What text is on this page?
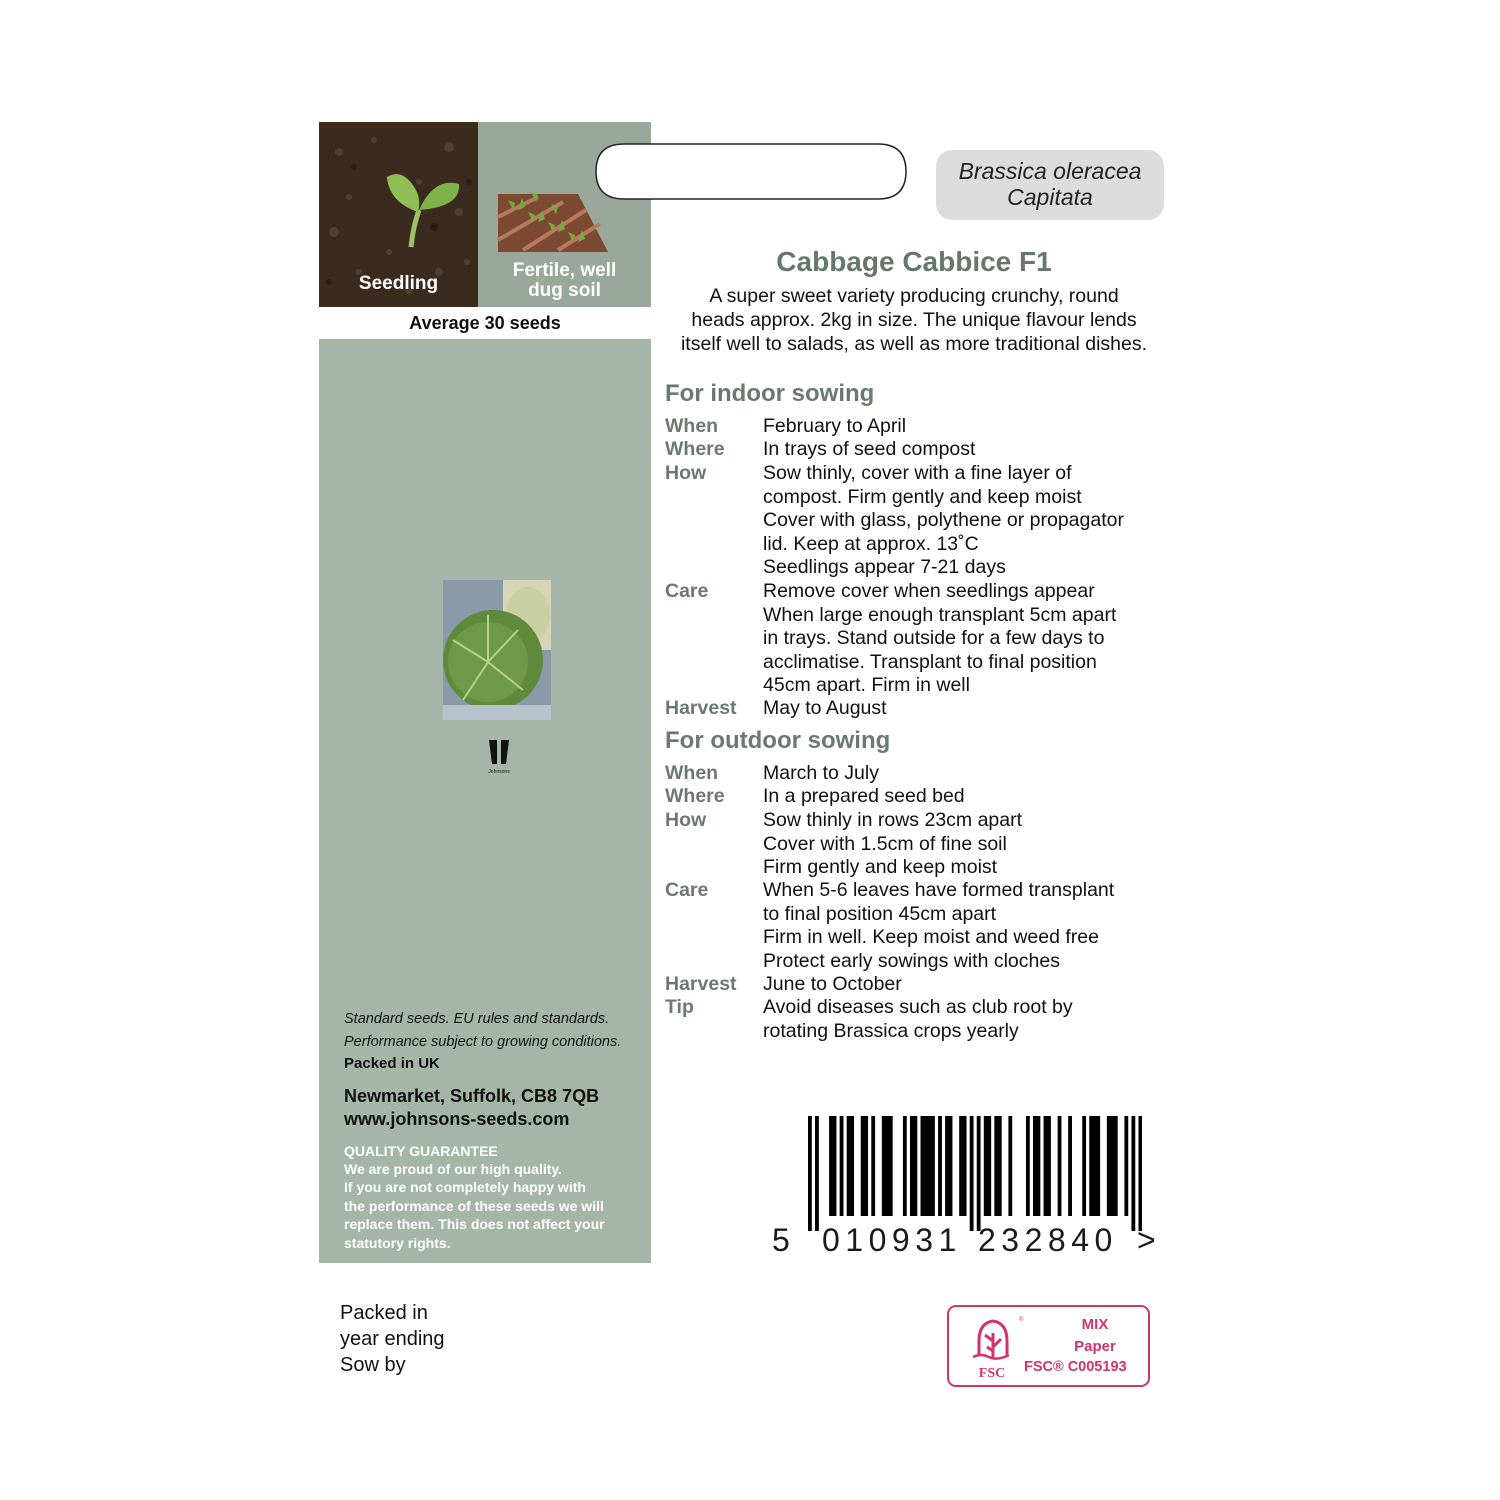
Seedling
Fertile, well
dug soil
Average 30 seeds
Johnsons
Standard seeds. EU rules and standards.
Performance subject to growing conditions.
Packed in UK
Newmarket, Suffolk, CB8 7QB
www.johnsons-seeds.com
QUALITY GUARANTEE
We are proud of our high quality.
If you are not completely happy with
the performance of these seeds we will
replace them. This does not affect your
statutory rights.
Brassica oleracea
Capitata
Cabbage Cabbice F1
A super sweet variety producing crunchy, round
heads approx. 2kg in size. The unique flavour lends
itself well to salads, as well as more traditional dishes.
For indoor sowing
When February to April
Where In trays of seed compost
How	Sow thinly, cover with a fine layer of
compost. Firm gently and keep moist
Cover with glass, polythene or propagator
lid. Keep at approx. 13˚C
Seedlings appear 7-21 days
Care	Remove cover when seedlings appear
When large enough transplant 5cm apart
in trays. Stand outside for a few days to
acclimatise. Transplant to final position
45cm apart. Firm in well
Harvest May to August
For outdoor sowing
When March to July
Where In a prepared seed bed
How	Sow thinly in rows 23cm apart
Cover with 1.5cm of fine soil
Firm gently and keep moist
Care	When 5-6 leaves have formed transplant
to final position 45cm apart
Firm in well. Keep moist and weed free
Protect early sowings with cloches
Harvest June to October
Tip	Avoid diseases such as club root by
rotating Brassica crops yearly
5 010931 232840 >
Packed in
year ending
Sow by	FSC
®	MIX
Paper
FSC® C005193
